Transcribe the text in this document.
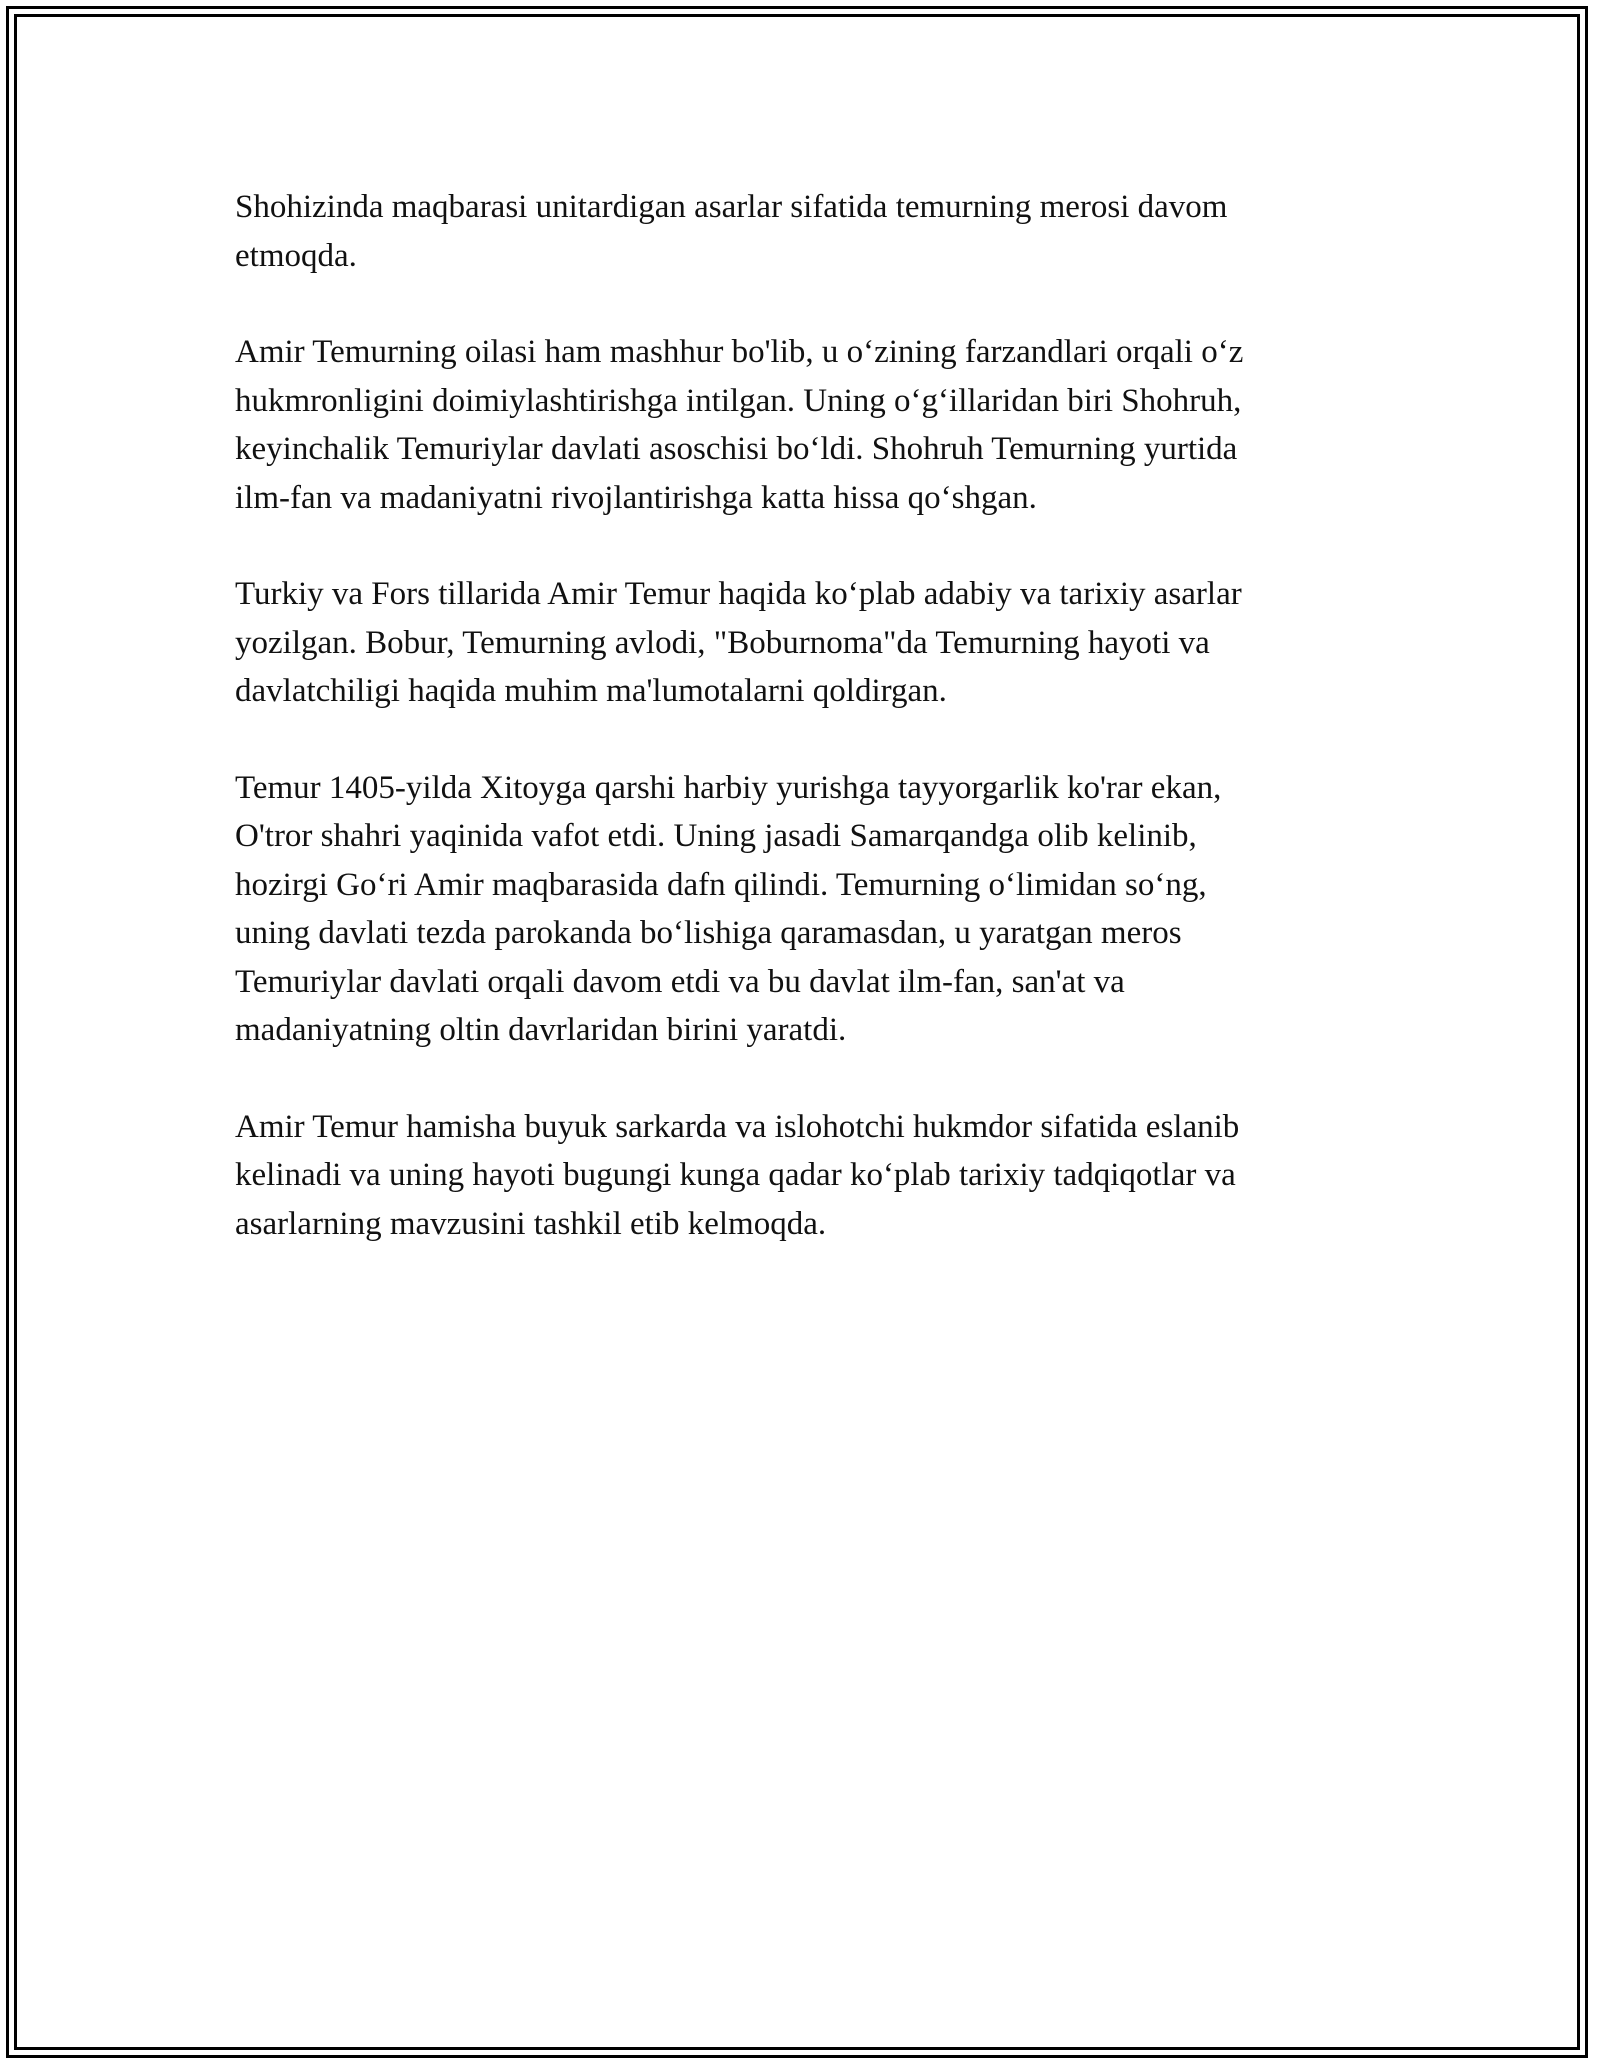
Shohizinda maqbarasi unitardigan asarlar sifatida temurning merosi davom
etmoqda.

Amir Temurning oilasi ham mashhur bo'lib, u o‘zining farzandlari orqali o‘z
hukmronligini doimiylashtirishga intilgan. Uning o‘g‘illaridan biri Shohruh,
keyinchalik Temuriylar davlati asoschisi bo‘ldi. Shohruh Temurning yurtida
ilm-fan va madaniyatni rivojlantirishga katta hissa qo‘shgan.

Turkiy va Fors tillarida Amir Temur haqida ko‘plab adabiy va tarixiy asarlar
yozilgan. Bobur, Temurning avlodi, "Boburnoma"da Temurning hayoti va
davlatchiligi haqida muhim ma'lumotalarni qoldirgan.

Temur 1405-yilda Xitoyga qarshi harbiy yurishga tayyorgarlik ko'rar ekan,
O'tror shahri yaqinida vafot etdi. Uning jasadi Samarqandga olib kelinib,
hozirgi Go‘ri Amir maqbarasida dafn qilindi. Temurning o‘limidan so‘ng,
uning davlati tezda parokanda bo‘lishiga qaramasdan, u yaratgan meros
Temuriylar davlati orqali davom etdi va bu davlat ilm-fan, san'at va
madaniyatning oltin davrlaridan birini yaratdi.

Amir Temur hamisha buyuk sarkarda va islohotchi hukmdor sifatida eslanib
kelinadi va uning hayoti bugungi kunga qadar ko‘plab tarixiy tadqiqotlar va
asarlarning mavzusini tashkil etib kelmoqda.
